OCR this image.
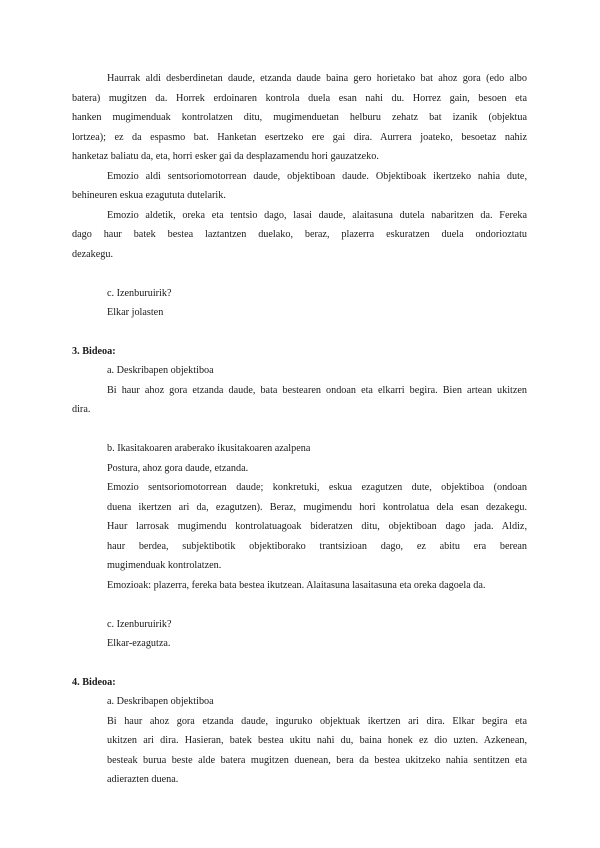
Haurrak aldi desberdinetan daude, etzanda daude baina gero horietako bat ahoz gora (edo albo
batera) mugitzen da. Horrek erdoinaren kontrola duela esan nahi du. Horrez gain, besoen eta
hanken mugimenduak kontrolatzen ditu, mugimenduetan helburu zehatz bat izanik (objektua
lortzea); ez da espasmo bat. Hanketan esertzeko ere gai dira. Aurrera joateko, besoetaz nahiz
hanketaz baliatu da, eta, horri esker gai da desplazamendu hori gauzatzeko.
Emozio aldi sentsoriomotorrean daude, objektiboan daude. Objektiboak ikertzeko nahia dute,
behineuren eskua ezagututa dutelarik.
Emozio aldetik, oreka eta tentsio dago, lasai daude, alaitasuna dutela nabaritzen da. Fereka
dago haur batek bestea laztantzen duelako, beraz, plazerra eskuratzen duela ondorioztatu
dezakegu.
c. Izenburuirik?
Elkar jolasten
3. Bideoa:
a. Deskribapen objektiboa
Bi haur ahoz gora etzanda daude, bata bestearen ondoan eta elkarri begira. Bien artean ukitzen
dira.
b. Ikasitakoaren araberako ikusitakoaren azalpena
Postura, ahoz gora daude, etzanda.
Emozio sentsoriomotorrean daude; konkretuki, eskua ezagutzen dute, objektiboa (ondoan
duena ikertzen ari da, ezagutzen). Beraz, mugimendu hori kontrolatua dela esan dezakegu.
Haur larrosak mugimendu kontrolatuagoak bideratzen ditu, objektiboan dago jada. Aldiz,
haur berdea, subjektibotik objektiborako trantsizioan dago, ez abitu era berean
mugimenduak kontrolatzen.
Emozioak: plazerra, fereka bata bestea ikutzean. Alaitasuna lasaitasuna eta oreka dagoela da.
c. Izenburuirik?
Elkar-ezagutza.
4. Bideoa:
a. Deskribapen objektiboa
Bi haur ahoz gora etzanda daude, inguruko objektuak ikertzen ari dira. Elkar begira eta
ukitzen ari dira. Hasieran, batek bestea ukitu nahi du, baina honek ez dio uzten. Azkenean,
besteak burua beste alde batera mugitzen duenean, bera da bestea ukitzeko nahia sentitzen eta
adierazten duena.
